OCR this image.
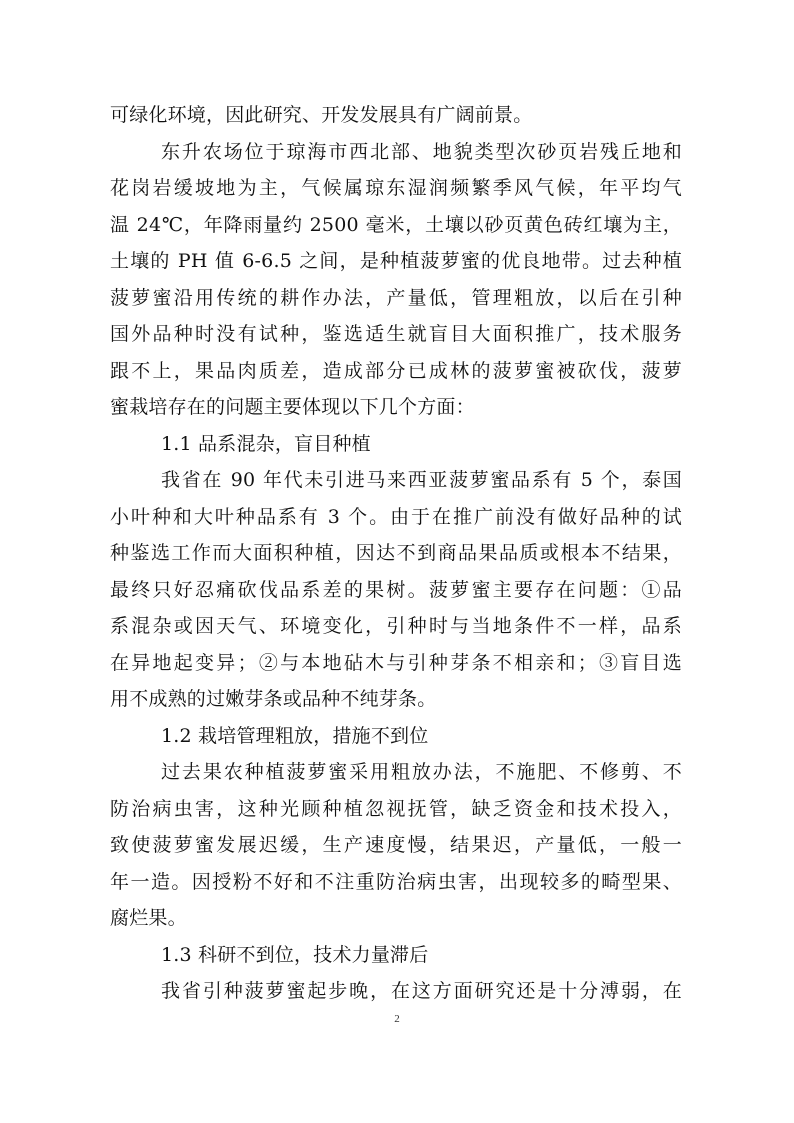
可绿化环境，因此研究、开发发展具有广阔前景。
东升农场位于琼海市西北部、地貌类型次砂页岩残丘地和
花岗岩缓坡地为主，气候属琼东湿润频繁季风气候，年平均气
温 24℃，年降雨量约 2500 毫米，土壤以砂页黄色砖红壤为主，
土壤的 PH 值 6-6.5 之间，是种植菠萝蜜的优良地带。过去种植
菠萝蜜沿用传统的耕作办法，产量低，管理粗放，以后在引种
国外品种时没有试种，鉴选适生就盲目大面积推广，技术服务
跟不上，果品肉质差，造成部分已成林的菠萝蜜被砍伐，菠萝
蜜栽培存在的问题主要体现以下几个方面：
1.1 品系混杂，盲目种植
我省在 90 年代未引进马来西亚菠萝蜜品系有 5 个，泰国
小叶种和大叶种品系有 3 个。由于在推广前没有做好品种的试
种鉴选工作而大面积种植，因达不到商品果品质或根本不结果，
最终只好忍痛砍伐品系差的果树。菠萝蜜主要存在问题：①品
系混杂或因天气、环境变化，引种时与当地条件不一样，品系
在异地起变异；②与本地砧木与引种芽条不相亲和；③盲目选
用不成熟的过嫩芽条或品种不纯芽条。
1.2 栽培管理粗放，措施不到位
过去果农种植菠萝蜜采用粗放办法，不施肥、不修剪、不
防治病虫害，这种光顾种植忽视抚管，缺乏资金和技术投入，
致使菠萝蜜发展迟缓，生产速度慢，结果迟，产量低，一般一
年一造。因授粉不好和不注重防治病虫害，出现较多的畸型果、
腐烂果。
1.3 科研不到位，技术力量滞后
我省引种菠萝蜜起步晚，在这方面研究还是十分溥弱，在
2
